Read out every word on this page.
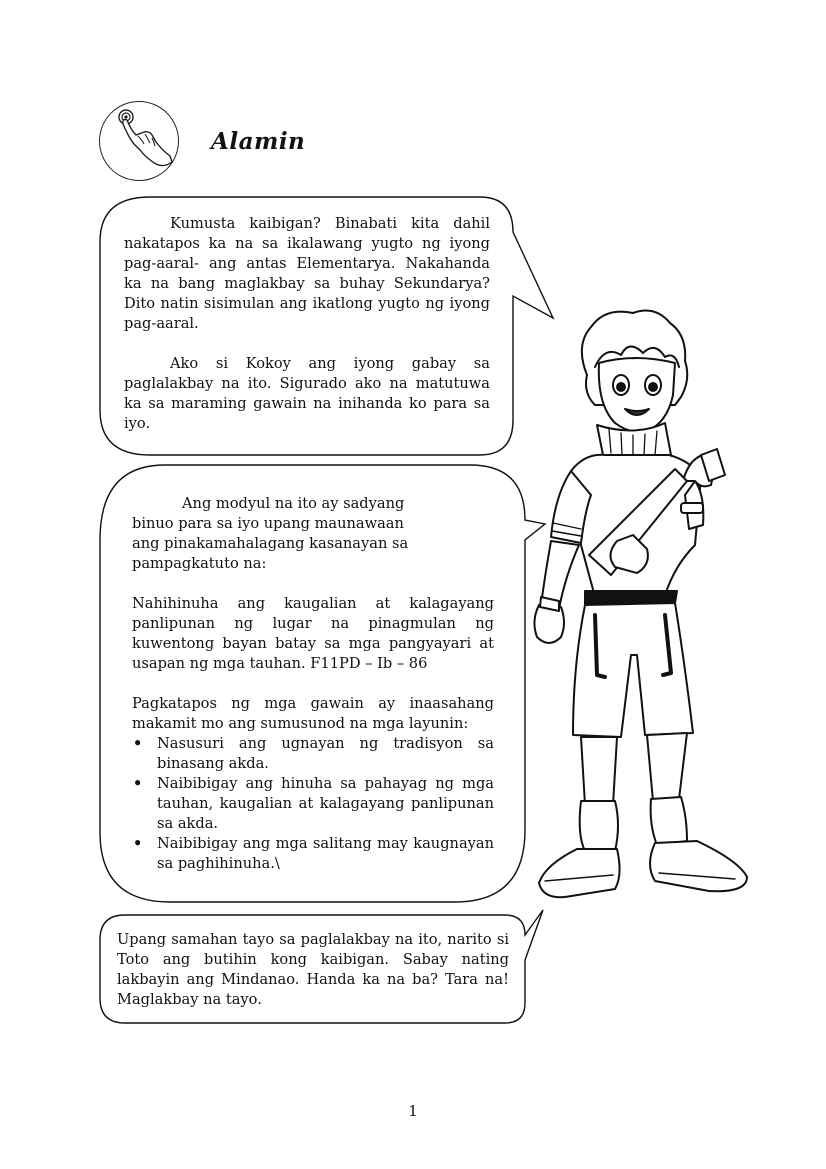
Alamin

Kumusta kaibigan? Binabati kita dahil nakatapos ka na sa ikalawang yugto ng iyong pag-aaral- ang antas Elementarya. Nakahanda ka na bang maglakbay sa buhay Sekundarya? Dito natin sisimulan ang ikatlong yugto ng iyong pag-aaral.

Ako si Kokoy ang iyong gabay sa paglalakbay na ito. Sigurado ako na matutuwa ka sa maraming gawain na inihanda ko para sa iyo.

Ang modyul na ito ay sadyang binuo para sa iyo upang maunawaan ang pinakamahalagang kasanayan sa pampagkatuto na:

Nahihinuha ang kaugalian at kalagayang panlipunan ng lugar na pinagmulan ng kuwentong bayan batay sa mga pangyayari at usapan ng mga tauhan. F11PD – Ib – 86

Pagkatapos ng mga gawain ay inaasahang makamit mo ang sumusunod na mga layunin:

• Nasusuri ang ugnayan ng tradisyon sa binasang akda.
• Naibibigay ang hinuha sa pahayag ng mga tauhan, kaugalian at kalagayang panlipunan sa akda.
• Naibibigay ang mga salitang may kaugnayan sa paghihinuha.\

Upang samahan tayo sa paglalakbay na ito, narito si Toto ang butihin kong kaibigan. Sabay nating lakbayin ang Mindanao. Handa ka na ba? Tara na! Maglakbay na tayo.

1
